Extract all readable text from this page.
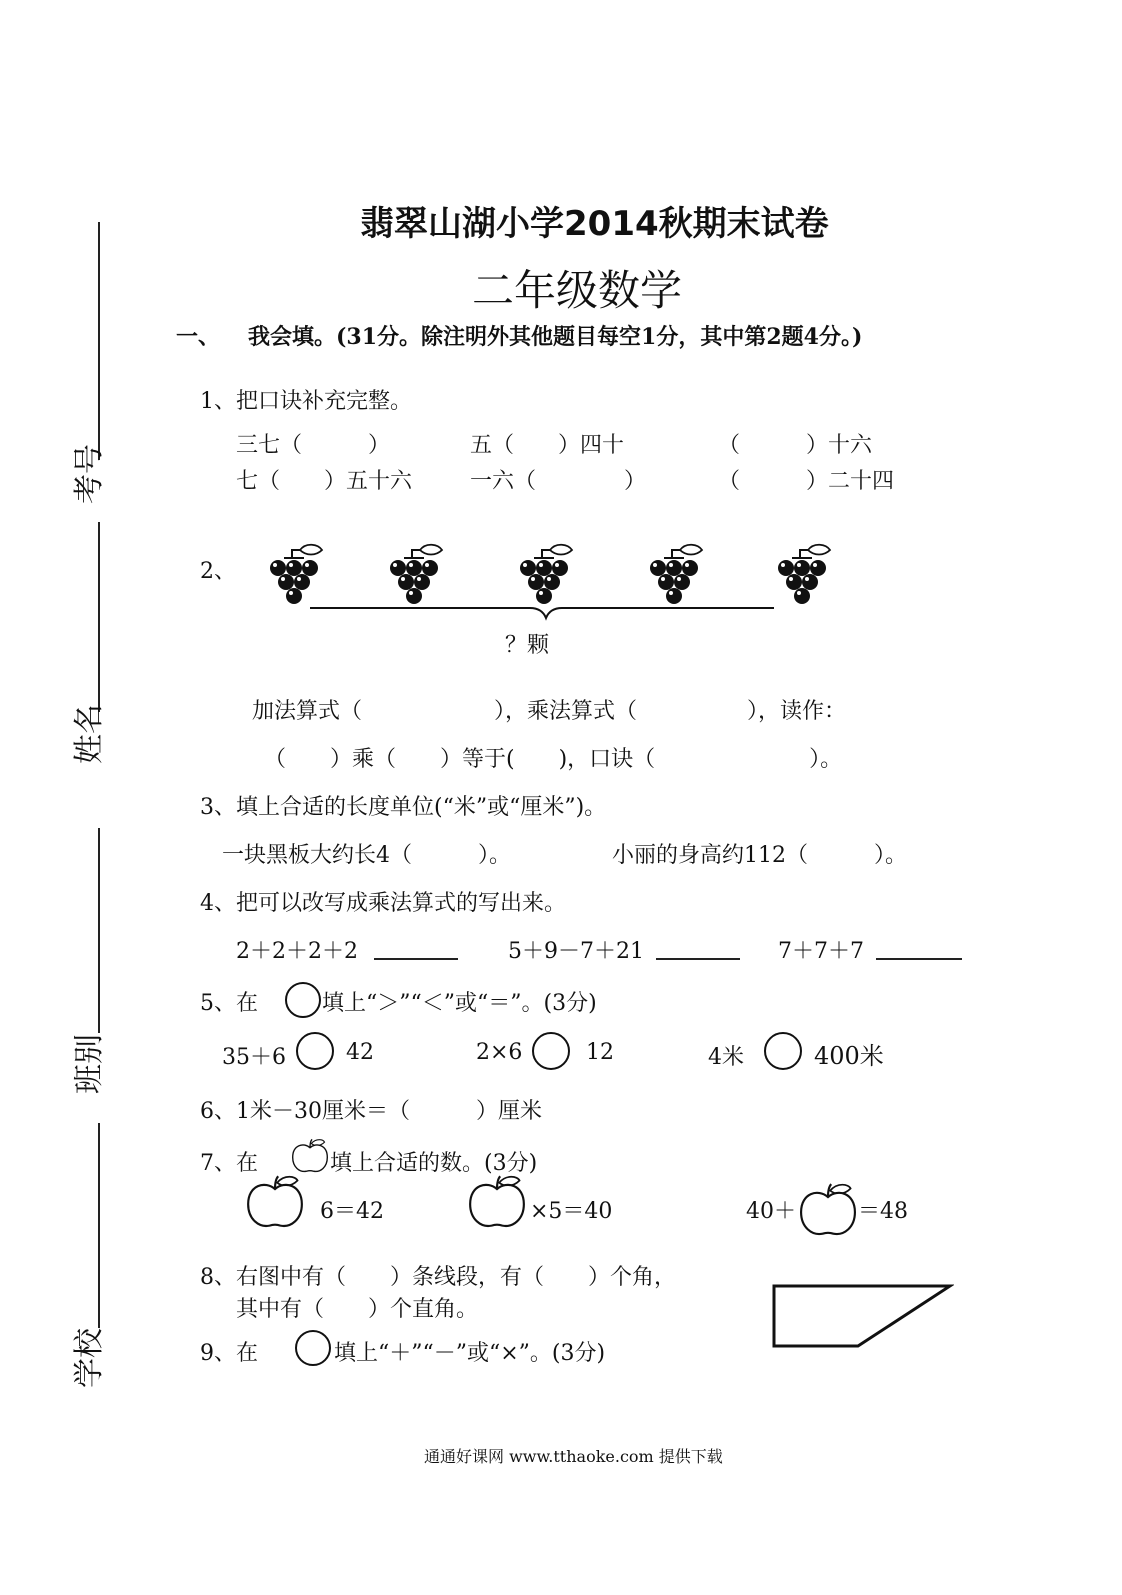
考号
姓名
班别
学校
翡翠山湖小学2014秋期末试卷
二年级数学
一、 我会填。(31分。除注明外其他题目每空1分，其中第2题4分。)
1、把口诀补充完整。
三七（　　　）	五（　　）四十	（　　　）十六
七（　　）五十六	一六（　　　　）	（　　　）二十四
2、
？颗
加法算式（　　　　　　），乘法算式（　　　　　），读作：
（　　）乘（　　）等于(　　)，口诀（　　　　　　　）。
3、填上合适的长度单位(“米”或“厘米”)。
一块黑板大约长4（　　　）。	小丽的身高约112（　　　）。
4、把可以改写成乘法算式的写出来。
2＋2＋2＋2	5＋9－7＋21	7＋7＋7
5、在	填上“＞”“＜”或“＝”。(3分)
35＋6	42	2×6	12	4米	400米
6、1米－30厘米＝（　　　）厘米
7、在	填上合适的数。(3分)
6＝42	×5＝40	40＋	＝48
8、右图中有（　　）条线段，有（　　）个角，
其中有（　　）个直角。
9、在	填上“＋”“－”或“×”。(3分)
通通好课网 www.tthaoke.com 提供下载
